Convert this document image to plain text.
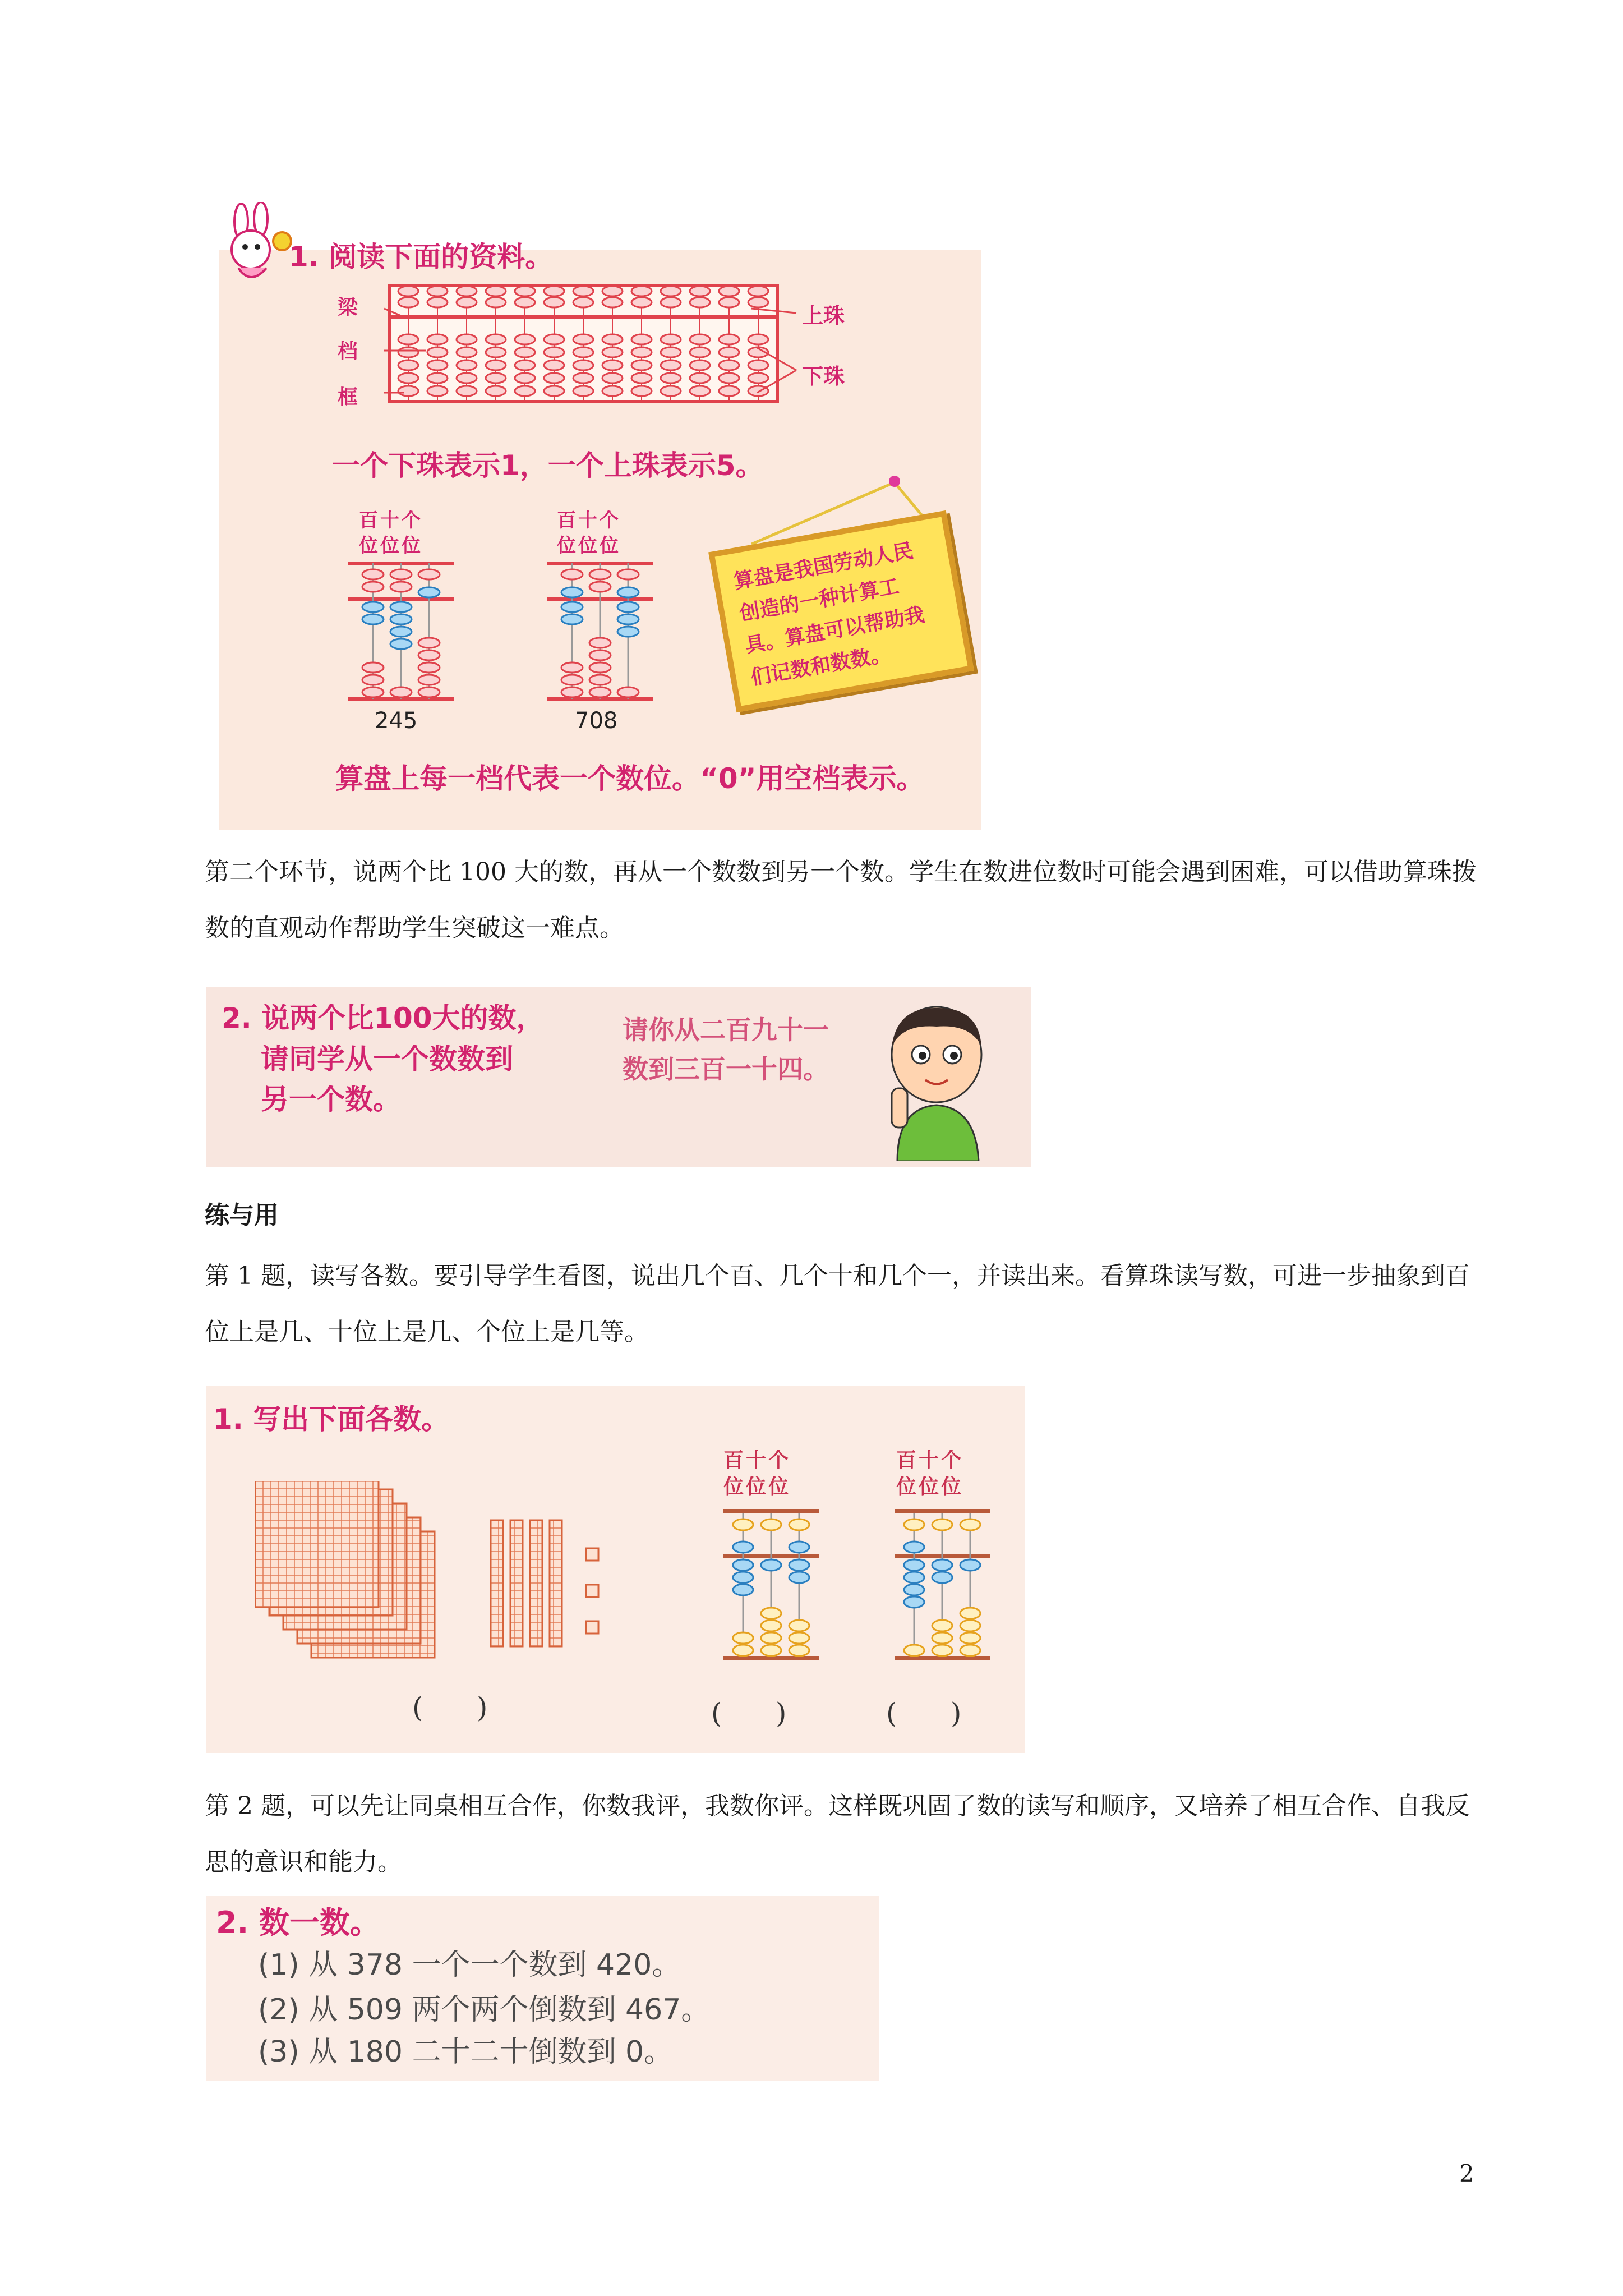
1. 阅读下面的资料。
梁
档
框
上珠
下珠
一个下珠表示1，一个上珠表示5。
百十个
位位位
百十个
位位位
245	708
算盘是我国劳动人民创造的一种计算工具。算盘可以帮助我们记数和数数。
算盘上每一档代表一个数位。“0”用空档表示。
第二个环节，说两个比 100 大的数，再从一个数数到另一个数。学生在数进位数时可能会遇到困难，可以借助算珠拨数的直观动作帮助学生突破这一难点。
2. 说两个比100大的数，
请同学从一个数数到
另一个数。
请你从二百九十一
数到三百一十四。
练与用
第 1 题，读写各数。要引导学生看图，说出几个百、几个十和几个一，并读出来。看算珠读写数，可进一步抽象到百位上是几、十位上是几、个位上是几等。
1. 写出下面各数。
百十个
位位位
百十个
位位位
(      )	(      )	(      )
第 2 题，可以先让同桌相互合作，你数我评，我数你评。这样既巩固了数的读写和顺序，又培养了相互合作、自我反思的意识和能力。
2. 数一数。
(1) 从 378 一个一个数到 420。
(2) 从 509 两个两个倒数到 467。
(3) 从 180 二十二十倒数到 0。
2
